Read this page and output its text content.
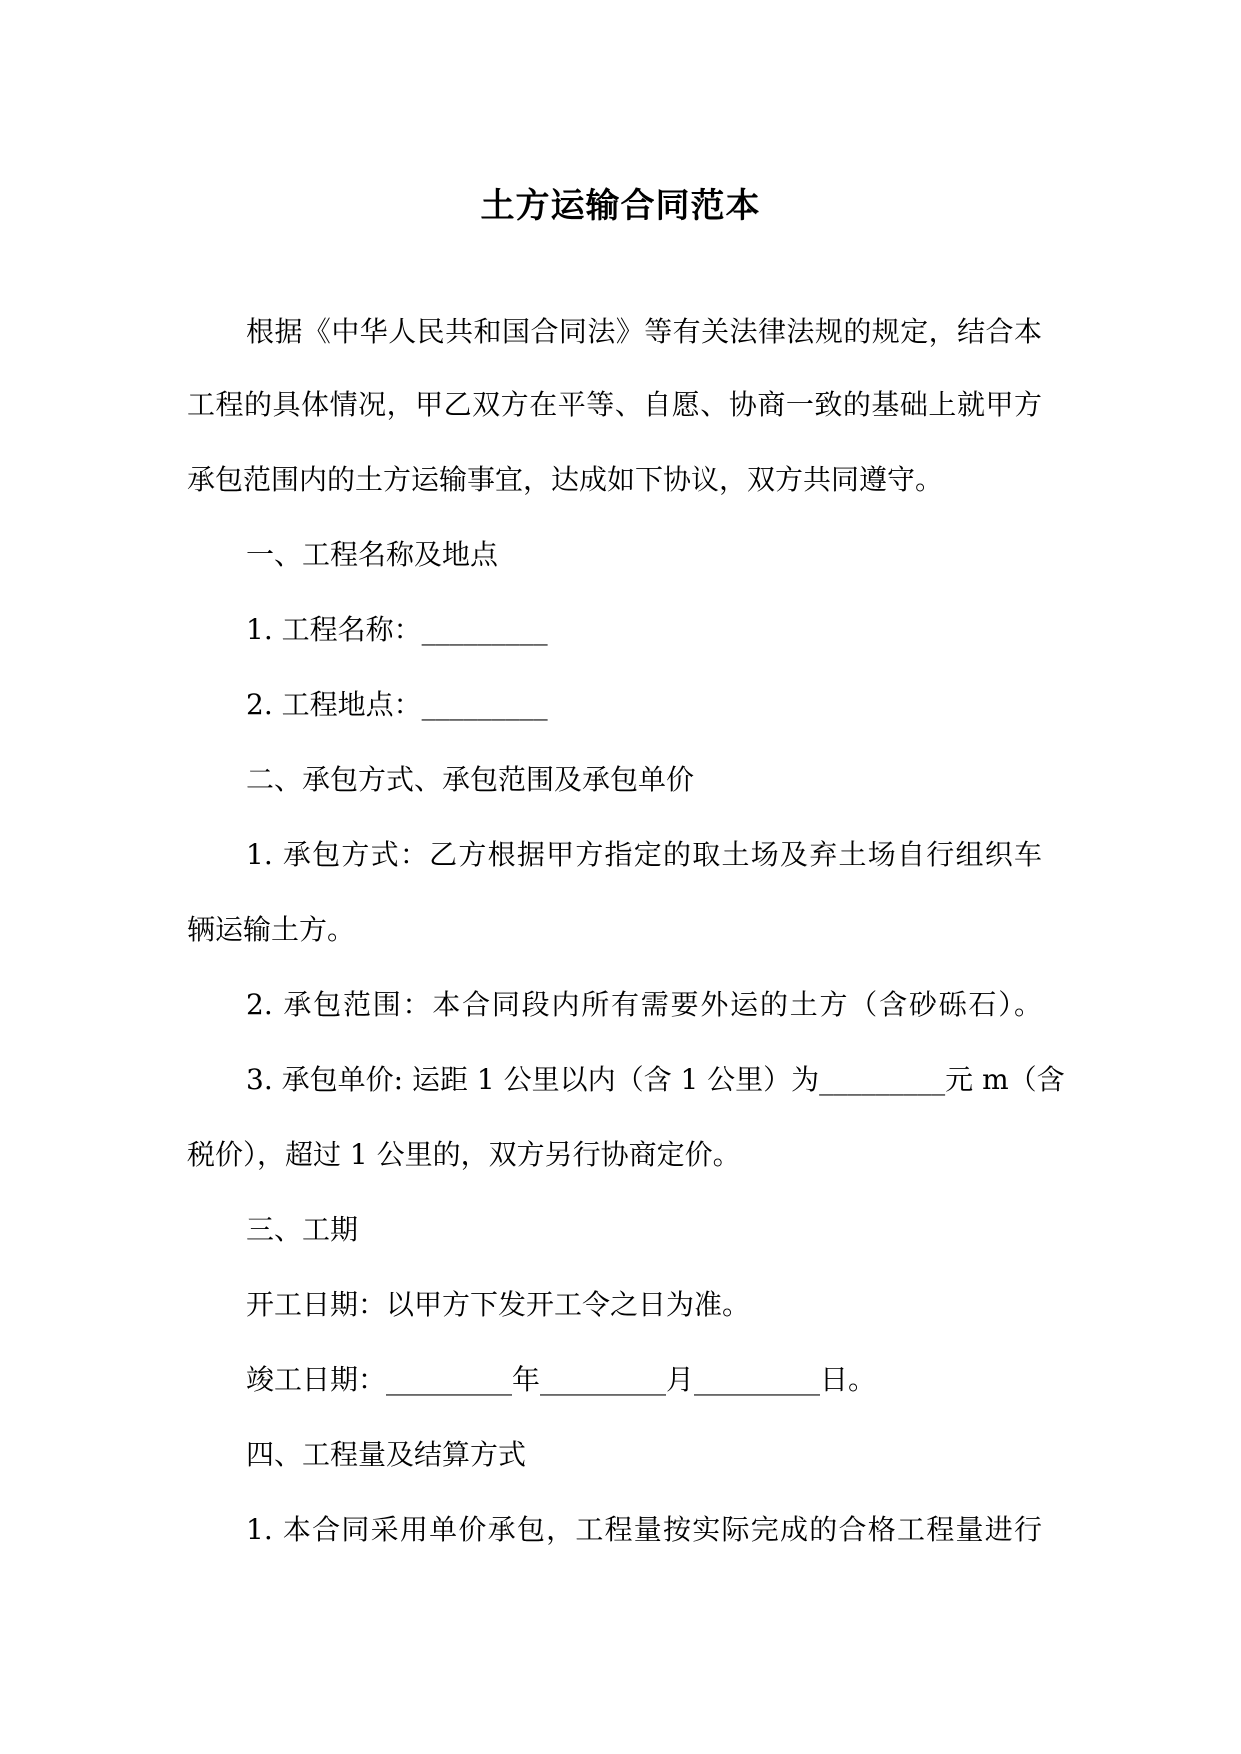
土方运输合同范本
根据《中华人民共和国合同法》等有关法律法规的规定，结合本
工程的具体情况，甲乙双方在平等、自愿、协商一致的基础上就甲方
承包范围内的土方运输事宜，达成如下协议，双方共同遵守。
一、工程名称及地点
1. 工程名称：_________
2. 工程地点：_________
二、承包方式、承包范围及承包单价
1. 承包方式：乙方根据甲方指定的取土场及弃土场自行组织车
辆运输土方。
2. 承包范围：本合同段内所有需要外运的土方（含砂砾石）。
3. 承包单价: 运距 1 公里以内（含 1 公里）为_________元 m（含
税价），超过 1 公里的，双方另行协商定价。
三、工期
开工日期：以甲方下发开工令之日为准。
竣工日期：_________年_________月_________日。
四、工程量及结算方式
1. 本合同采用单价承包，工程量按实际完成的合格工程量进行
